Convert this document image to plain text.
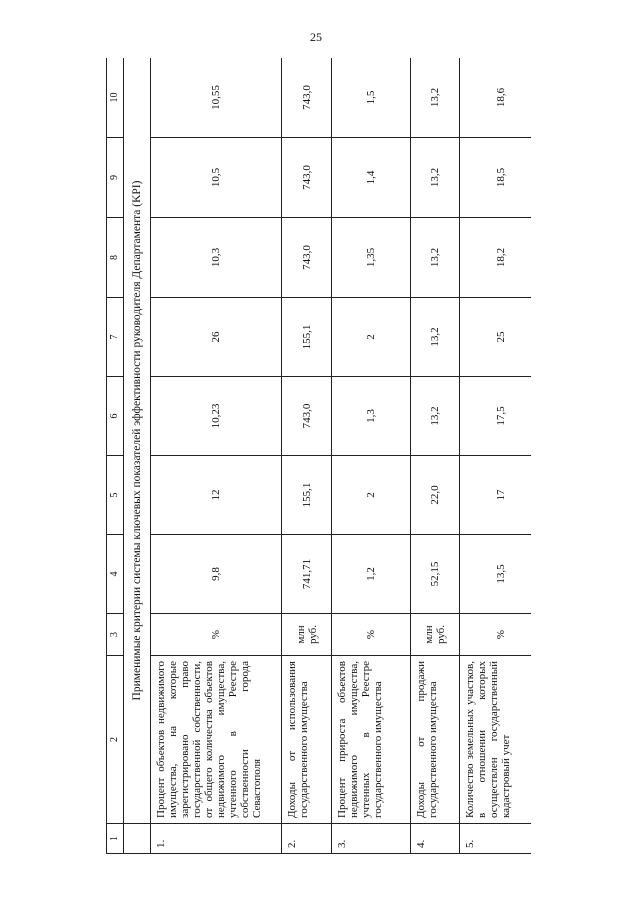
25
1	2	3	4	5	6	7	8	9	10
	Применимые критерии системы ключевых показателей эффективности руководителя Департамента (KPI)								
1.	Процент объектов недвижимого имущества, на которые зарегистрировано право государственной собственности, от общего количества объектов недвижимого имущества, учтенного в Реестре собственности города Севастополя	%	9,8	12	10,23	26	10,3	10,5	10,55
2.	Доходы от использования государственного имущества	млн руб.	741,71	155,1	743,0	155,1	743,0	743,0	743,0
3.	Процент прироста объектов недвижимого имущества, учтенных в Реестре государственного имущества	%	1,2	2	1,3	2	1,35	1,4	1,5
4.	Доходы от продажи государственного имущества	млн руб.	52,15	22,0	13,2	13,2	13,2	13,2	13,2
5.	Количество земельных участков, в отношении которых осуществлен государственный кадастровый учет	%	13,5	17	17,5	25	18,2	18,5	18,6
